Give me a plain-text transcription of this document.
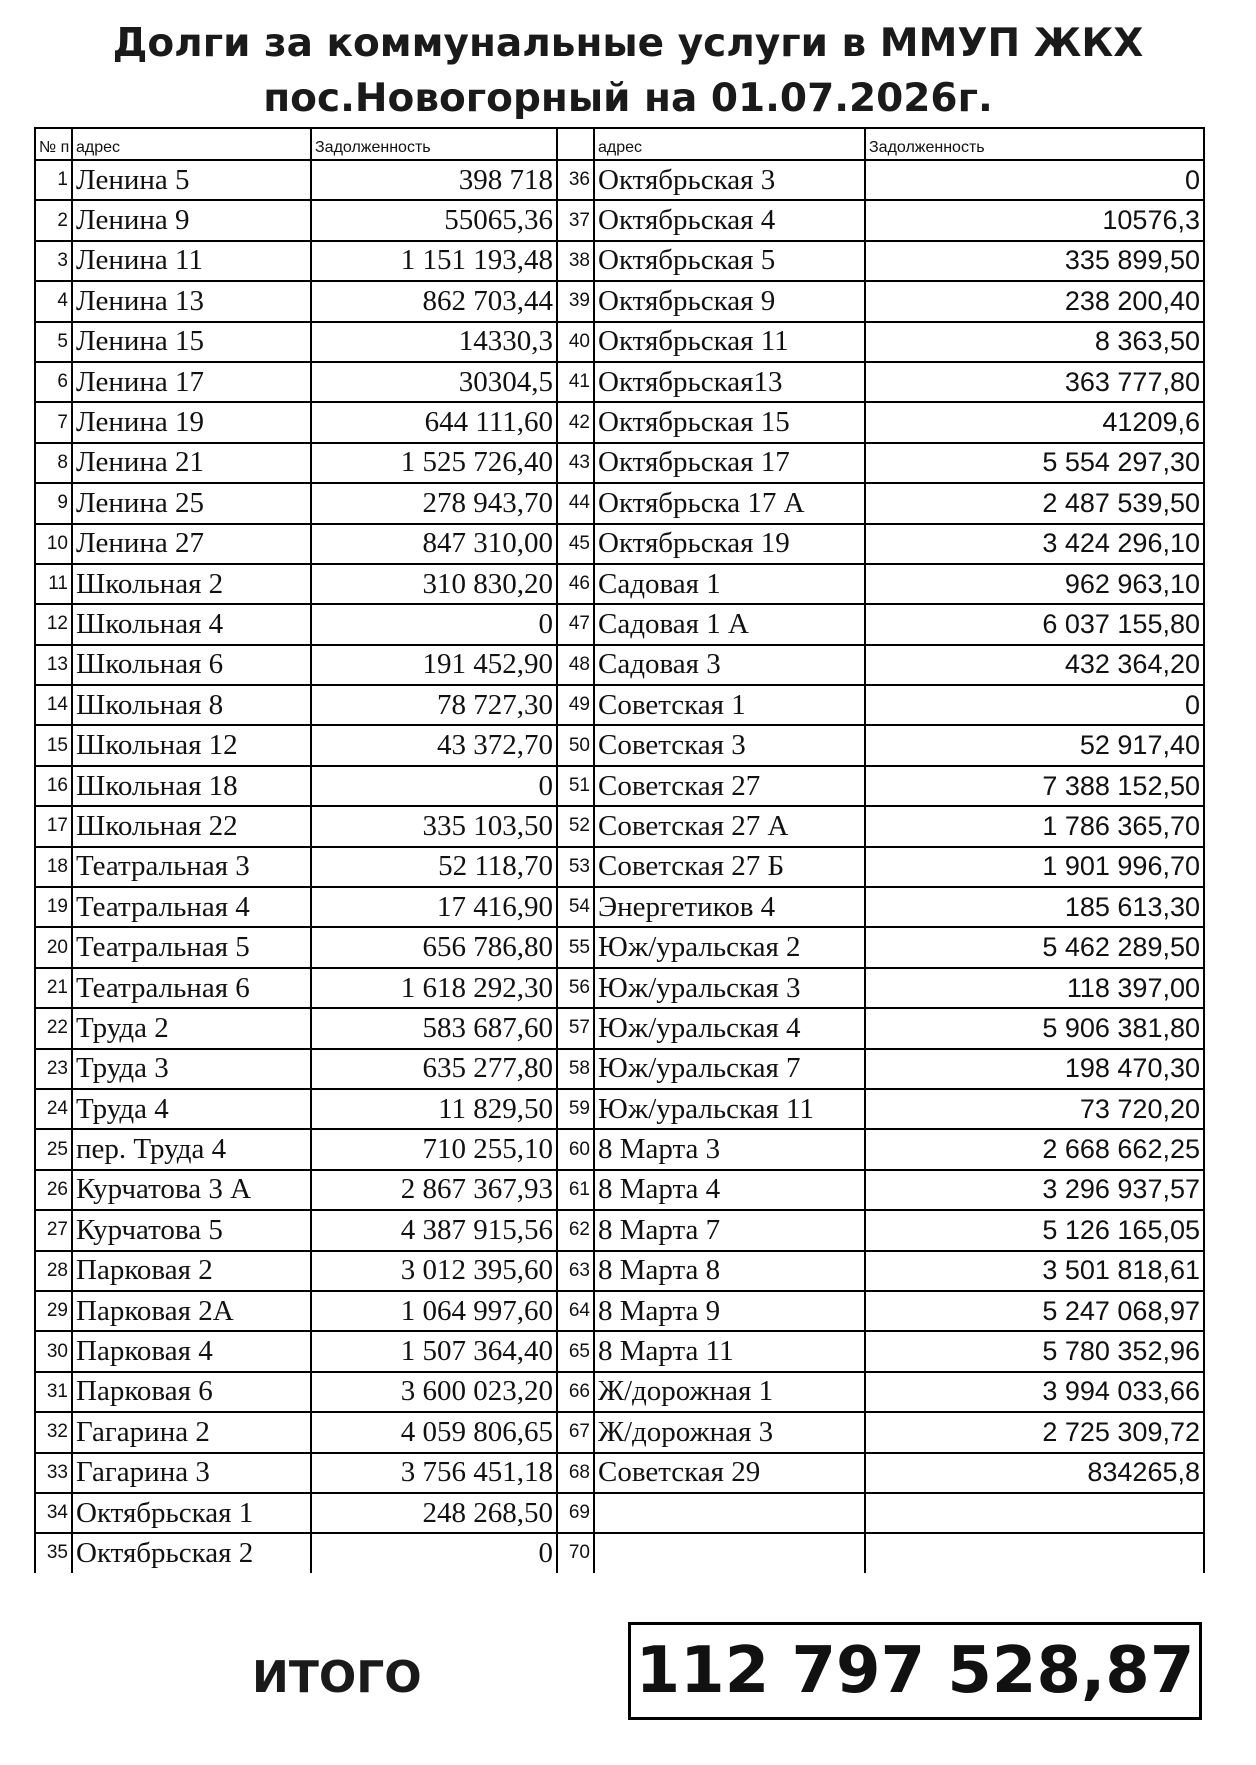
Долги за коммунальные услуги в ММУП ЖКХ
пос.Новогорный на 01.07.2026г.
№ п	адрес	Задолженность		адрес	Задолженность
1	Ленина 5	398 718	36	Октябрьская 3	0
2	Ленина 9	55065,36	37	Октябрьская 4	10576,3
3	Ленина 11	1 151 193,48	38	Октябрьская 5	335 899,50
4	Ленина 13	862 703,44	39	Октябрьская 9	238 200,40
5	Ленина 15	14330,3	40	Октябрьская 11	8 363,50
6	Ленина 17	30304,5	41	Октябрьская13	363 777,80
7	Ленина 19	644 111,60	42	Октябрьская 15	41209,6
8	Ленина 21	1 525 726,40	43	Октябрьская 17	5 554 297,30
9	Ленина 25	278 943,70	44	Октябрьска 17 А	2 487 539,50
10	Ленина 27	847 310,00	45	Октябрьская 19	3 424 296,10
11	Школьная 2	310 830,20	46	Садовая 1	962 963,10
12	Школьная 4	0	47	Садовая 1 А	6 037 155,80
13	Школьная 6	191 452,90	48	Садовая 3	432 364,20
14	Школьная 8	78 727,30	49	Советская 1	0
15	Школьная 12	43 372,70	50	Советская 3	52 917,40
16	Школьная 18	0	51	Советская 27	7 388 152,50
17	Школьная 22	335 103,50	52	Советская 27 А	1 786 365,70
18	Театральная 3	52 118,70	53	Советская 27 Б	1 901 996,70
19	Театральная 4	17 416,90	54	Энергетиков 4	185 613,30
20	Театральная 5	656 786,80	55	Юж/уральская 2	5 462 289,50
21	Театральная 6	1 618 292,30	56	Юж/уральская 3	118 397,00
22	Труда 2	583 687,60	57	Юж/уральская 4	5 906 381,80
23	Труда 3	635 277,80	58	Юж/уральская 7	198 470,30
24	Труда 4	11 829,50	59	Юж/уральская 11	73 720,20
25	пер. Труда 4	710 255,10	60	8 Марта 3	2 668 662,25
26	Курчатова 3 А	2 867 367,93	61	8 Марта 4	3 296 937,57
27	Курчатова 5	4 387 915,56	62	8 Марта 7	5 126 165,05
28	Парковая 2	3 012 395,60	63	8 Марта 8	3 501 818,61
29	Парковая 2А	1 064 997,60	64	8 Марта 9	5 247 068,97
30	Парковая 4	1 507 364,40	65	8 Марта 11	5 780 352,96
31	Парковая 6	3 600 023,20	66	Ж/дорожная 1	3 994 033,66
32	Гагарина 2	4 059 806,65	67	Ж/дорожная 3	2 725 309,72
33	Гагарина 3	3 756 451,18	68	Советская 29	834265,8
34	Октябрьская 1	248 268,50	69		
35	Октябрьская 2	0	70		
ИТОГО	112 797 528,87
